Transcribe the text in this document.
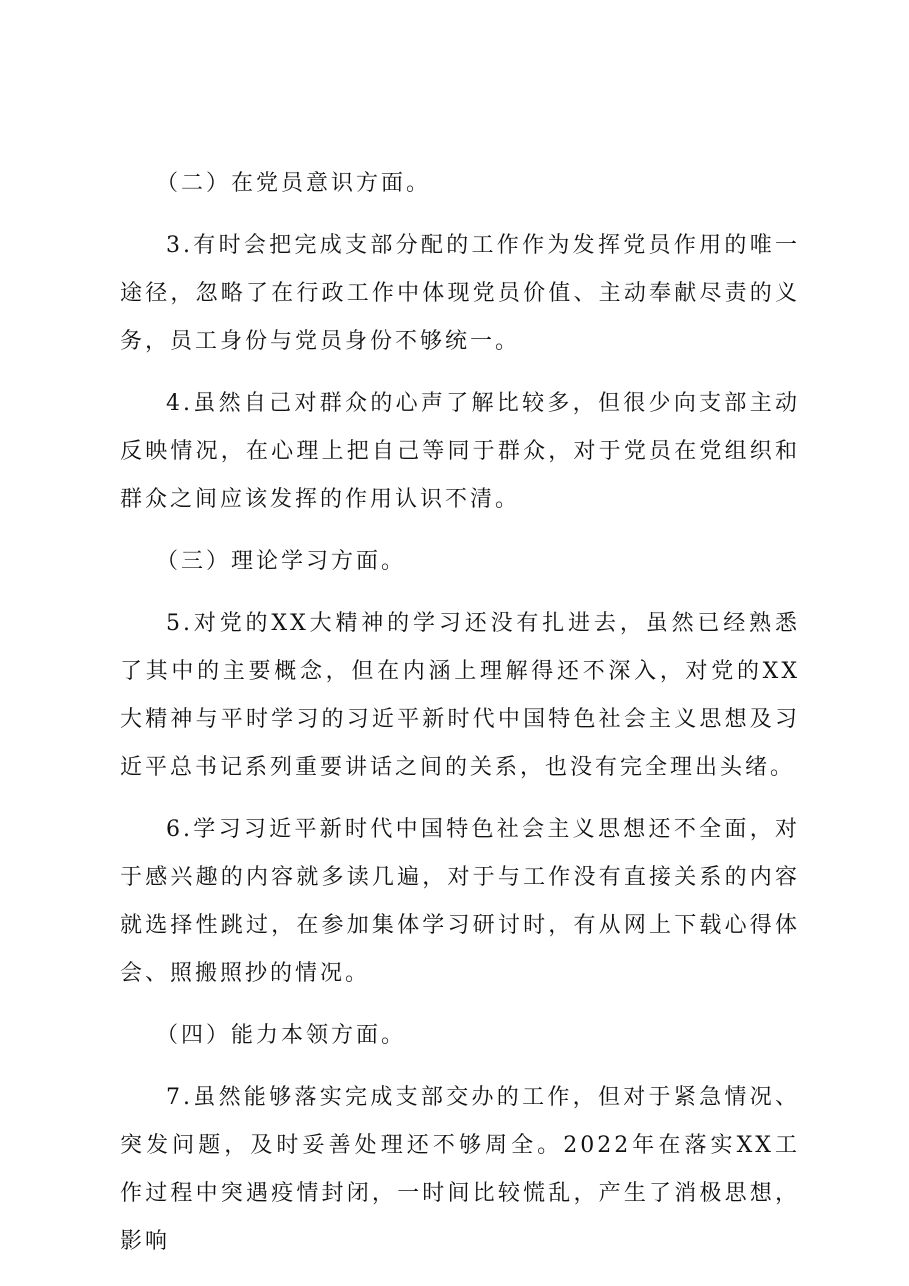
（二）在党员意识方面。

3.有时会把完成支部分配的工作作为发挥党员作用的唯一途径，忽略了在行政工作中体现党员价值、主动奉献尽责的义务，员工身份与党员身份不够统一。

4.虽然自己对群众的心声了解比较多，但很少向支部主动反映情况，在心理上把自己等同于群众，对于党员在党组织和群众之间应该发挥的作用认识不清。

（三）理论学习方面。

5.对党的XX大精神的学习还没有扎进去，虽然已经熟悉了其中的主要概念，但在内涵上理解得还不深入，对党的XX大精神与平时学习的习近平新时代中国特色社会主义思想及习近平总书记系列重要讲话之间的关系，也没有完全理出头绪。

6.学习习近平新时代中国特色社会主义思想还不全面，对于感兴趣的内容就多读几遍，对于与工作没有直接关系的内容就选择性跳过，在参加集体学习研讨时，有从网上下载心得体会、照搬照抄的情况。

（四）能力本领方面。

7.虽然能够落实完成支部交办的工作，但对于紧急情况、突发问题，及时妥善处理还不够周全。2022年在落实XX工作过程中突遇疫情封闭，一时间比较慌乱，产生了消极思想，影响
